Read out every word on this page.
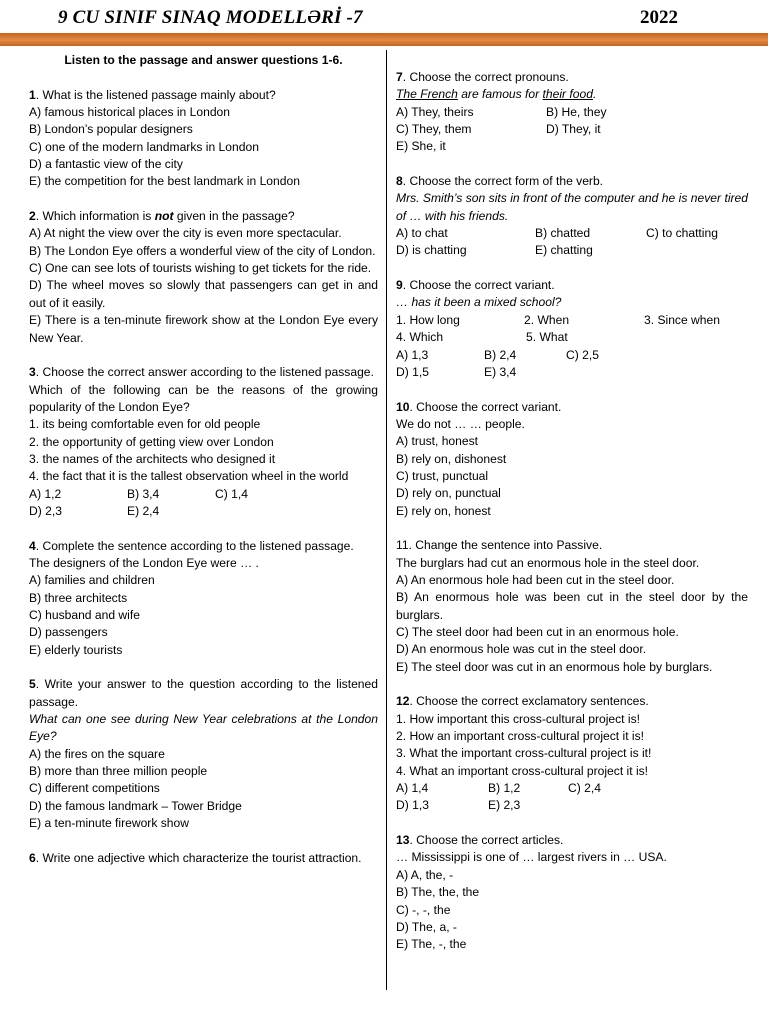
9 CU SINIF SINAQ MODELLƏRİ -7	2022
Listen to the passage and answer questions 1-6.
1. What is the listened passage mainly about?
A) famous historical places in London
B) London’s popular designers
C) one of the modern landmarks in London
D) a fantastic view of the city
E) the competition for the best landmark in London
2. Which information is not given in the passage?
A) At night the view over the city is even more spectacular.
B) The London Eye offers a wonderful view of the city of London.
C) One can see lots of tourists wishing to get tickets for the ride.
D) The wheel moves so slowly that passengers can get in and out of it easily.
E) There is a ten-minute firework show at the London Eye every New Year.
3. Choose the correct answer according to the listened passage.
Which of the following can be the reasons of the growing popularity of the London Eye?
1. its being comfortable even for old people
2. the opportunity of getting view over London
3. the names of the architects who designed it
4. the fact that it is the tallest observation wheel in the world
A) 1,2	B) 3,4	C) 1,4
D) 2,3	E) 2,4
4. Complete the sentence according to the listened passage.
The designers of the London Eye were … .
A) families and children
B) three architects
C) husband and wife
D) passengers
E) elderly tourists
5. Write your answer to the question according to the listened passage.
What can one see during New Year celebrations at the London Eye?
A) the fires on the square
B) more than three million people
C) different competitions
D) the famous landmark – Tower Bridge
E) a ten-minute firework show
6. Write one adjective which characterize the tourist attraction.
7. Choose the correct pronouns.
The French are famous for their food.
A) They, theirs	B) He, they
C) They, them	D) They, it
E) She, it
8. Choose the correct form of the verb.
Mrs. Smith’s son sits in front of the computer and he is never tired of … with his friends.
A) to chat	B) chatted	C) to chatting
D) is chatting	E) chatting
9. Choose the correct variant.
… has it been a mixed school?
1. How long	2. When	3. Since when
4. Which	5. What
A) 1,3	B) 2,4	C) 2,5
D) 1,5	E) 3,4
10. Choose the correct variant.
We do not … … people.
A) trust, honest
B) rely on, dishonest
C) trust, punctual
D) rely on, punctual
E) rely on, honest
11. Change the sentence into Passive.
The burglars had cut an enormous hole in the steel door.
A) An enormous hole had been cut in the steel door.
B) An enormous hole was been cut in the steel door by the burglars.
C) The steel door had been cut in an enormous hole.
D) An enormous hole was cut in the steel door.
E) The steel door was cut in an enormous hole by burglars.
12. Choose the correct exclamatory sentences.
1. How important this cross-cultural project is!
2. How an important cross-cultural project it is!
3. What the important cross-cultural project is it!
4. What an important cross-cultural project it is!
A) 1,4	B) 1,2	C) 2,4
D) 1,3	E) 2,3
13. Choose the correct articles.
… Mississippi is one of … largest rivers in … USA.
A) A, the, -
B) The, the, the
C) -, -, the
D) The, a, -
E) The, -, the
